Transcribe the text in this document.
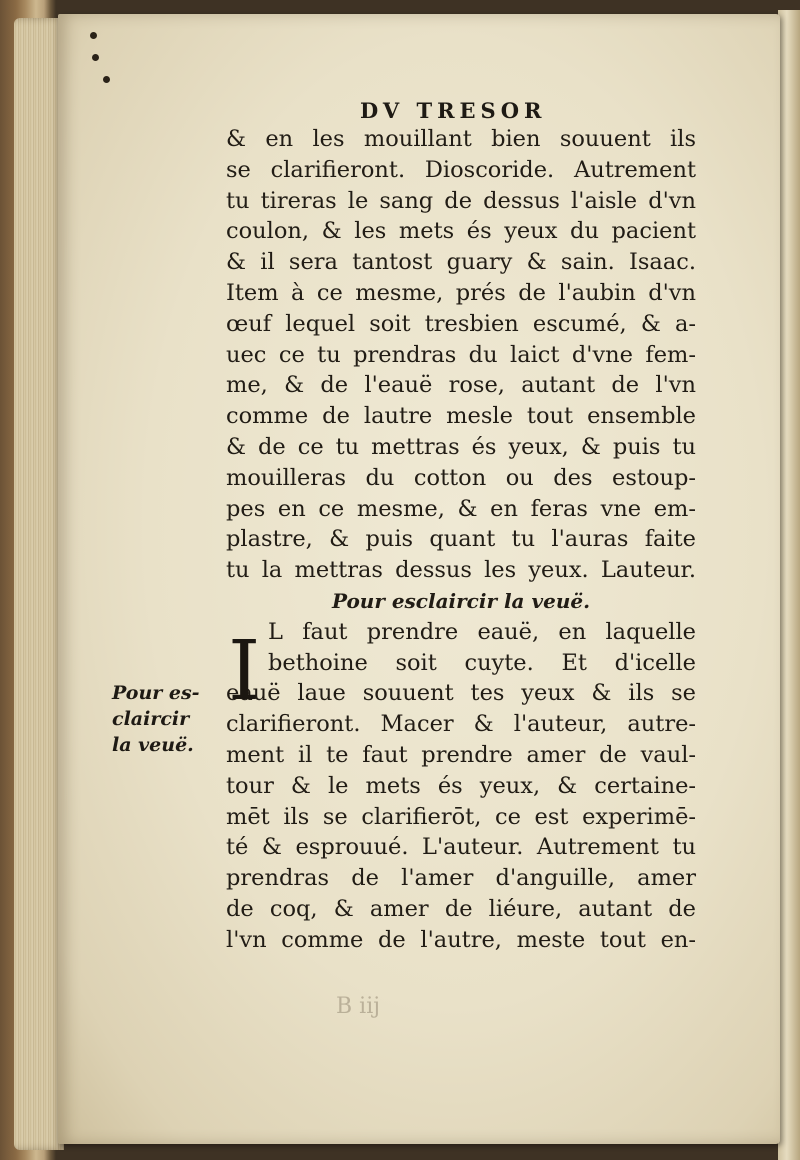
DV TRESOR
& en les mouillant bien souuent ils
se clarifieront. Dioscoride. Autrement
tu tireras le sang de dessus l'aisle d'vn
coulon, & les mets és yeux du pacient
& il sera tantost guary & sain. Isaac.
Item à ce mesme, prés de l'aubin d'vn
œuf lequel soit tresbien escumé, & a-
uec ce tu prendras du laict d'vne fem-
me, & de l'eauë rose, autant de l'vn
comme de lautre mesle tout ensemble
& de ce tu mettras és yeux, & puis tu
mouilleras du cotton ou des estoup-
pes en ce mesme, & en feras vne em-
plastre, & puis quant tu l'auras faite
tu la mettras dessus les yeux. Lauteur.
Pour esclaircir la veuë.
L faut prendre eauë, en laquelle
bethoine soit cuyte. Et d'icelle
eauë laue souuent tes yeux & ils se
clarifieront. Macer & l'auteur, autre-
ment il te faut prendre amer de vaul-
tour & le mets és yeux, & certaine-
mēt ils se clarifierōt, ce est experimē-
té & esprouué. L'auteur. Autrement tu
prendras de l'amer d'anguille, amer
de coq, & amer de liéure, autant de
l'vn comme de l'autre, meste tout en-
I
Pour es-
claircir
la veuë.
B iij
